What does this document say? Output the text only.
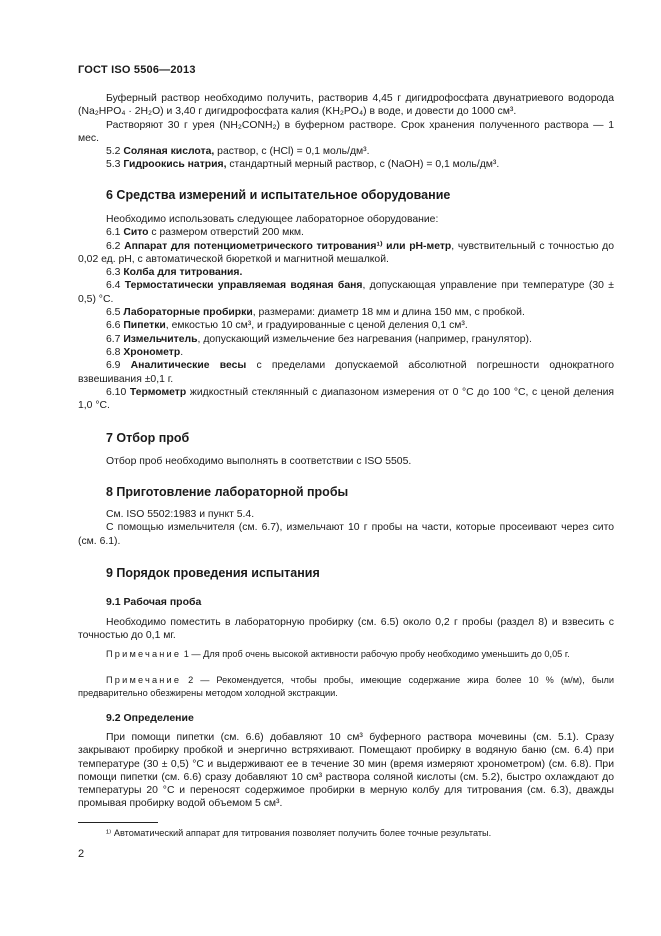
ГОСТ ISO 5506—2013

Буферный раствор необходимо получить, растворив 4,45 г дигидрофосфата двунатриевого водорода (Na₂HPO₄ · 2H₂O) и 3,40 г дигидрофосфата калия (KH₂PO₄) в воде, и довести до 1000 см³.

Растворяют 30 г урея (NH₂CONH₂) в буферном растворе. Срок хранения полученного раствора — 1 мес.

5.2 Соляная кислота, раствор, c (HCl) = 0,1 моль/дм³.

5.3 Гидроокись натрия, стандартный мерный раствор, c (NaOH) = 0,1 моль/дм³.

6 Средства измерений и испытательное оборудование

Необходимо использовать следующее лабораторное оборудование:

6.1 Сито с размером отверстий 200 мкм.

6.2 Аппарат для потенциометрического титрования¹⁾ или pH-метр, чувствительный с точностью до 0,02 ед. pH, с автоматической бюреткой и магнитной мешалкой.

6.3 Колба для титрования.

6.4 Термостатически управляемая водяная баня, допускающая управление при температуре (30 ± 0,5) °C.

6.5 Лабораторные пробирки, размерами: диаметр 18 мм и длина 150 мм, с пробкой.

6.6 Пипетки, емкостью 10 см³, и градуированные с ценой деления 0,1 см³.

6.7 Измельчитель, допускающий измельчение без нагревания (например, гранулятор).

6.8 Хронометр.

6.9 Аналитические весы с пределами допускаемой абсолютной погрешности однократного взвешивания ±0,1 г.

6.10 Термометр жидкостный стеклянный с диапазоном измерения от 0 °C до 100 °C, с ценой деления 1,0 °C.

7 Отбор проб

Отбор проб необходимо выполнять в соответствии с ISO 5505.

8 Приготовление лабораторной пробы

См. ISO 5502:1983 и пункт 5.4.

С помощью измельчителя (см. 6.7), измельчают 10 г пробы на части, которые просеивают через сито (см. 6.1).

9 Порядок проведения испытания
9.1 Рабочая проба

Необходимо поместить в лабораторную пробирку (см. 6.5) около 0,2 г пробы (раздел 8) и взвесить с точностью до 0,1 мг.

Примечание 1 — Для проб очень высокой активности рабочую пробу необходимо уменьшить до 0,05 г.
Примечание 2 — Рекомендуется, чтобы пробы, имеющие содержание жира более 10 % (м/м), были предварительно обезжирены методом холодной экстракции.
9.2 Определение

При помощи пипетки (см. 6.6) добавляют 10 см³ буферного раствора мочевины (см. 5.1). Сразу закрывают пробирку пробкой и энергично встряхивают. Помещают пробирку в водяную баню (см. 6.4) при температуре (30 ± 0,5) °C и выдерживают ее в течение 30 мин (время измеряют хронометром) (см. 6.8). При помощи пипетки (см. 6.6) сразу добавляют 10 см³ раствора соляной кислоты (см. 5.2), быстро охлаждают до температуры 20 °C и переносят содержимое пробирки в мерную колбу для титрования (см. 6.3), дважды промывая пробирку водой объемом 5 см³.

¹⁾ Автоматический аппарат для титрования позволяет получить более точные результаты.
2
